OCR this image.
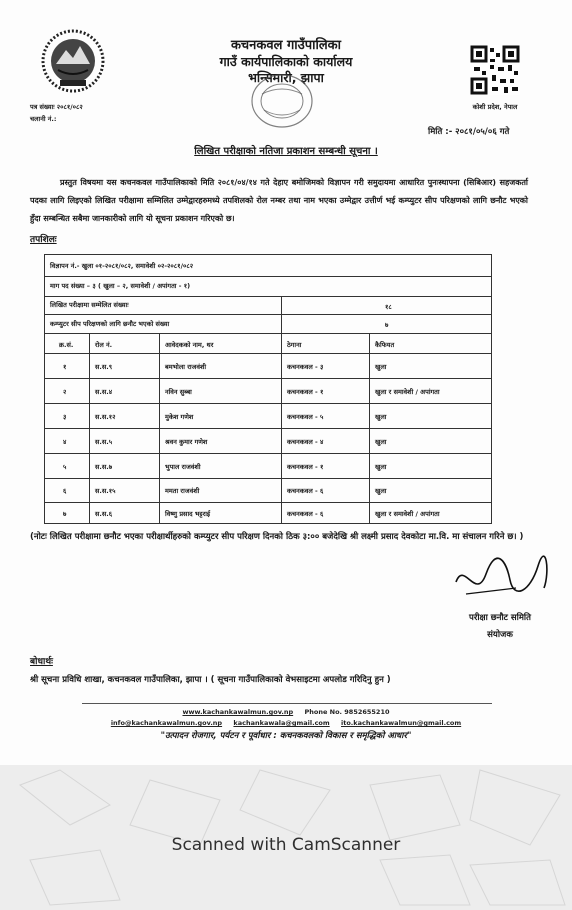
पत्र संख्याः २०८१/०८२
चलानी नं.:
कचनकवल गाउँपालिका
गाउँ कार्यपालिकाको कार्यालय
भन्सिमारी, झापा
कोशी प्रदेश, नेपाल
मिति :- २०८१/०५/०६ गते
लिखित परीक्षाको नतिजा प्रकाशन सम्बन्धी सूचना ।
प्रस्तुत विषयमा यस कचनकवल गाउँपालिकाको मिति २०८१/०४/१४ गते देहाए बमोजिमको विज्ञापन गरी समुदायमा आधारित पुनःस्थापना (सिबिआर) सहजकर्ता पदका लागि लिइएको लिखित परीक्षामा सम्मिलित उम्मेद्वारहरुमध्ये तपशिलको रोल नम्बर तथा नाम भएका उम्मेद्वार उत्तीर्ण भई कम्प्युटर सीप परिक्षणको लागि छनौट भएको हुँदा सम्बन्धित सबैमा जानकारीको लागि यो सूचना प्रकाशन गरिएको छ।
तपशिलः
विज्ञापन नं.- खुला ०१-२०८१/०८२, समावेशी ०२-२०८१/०८२
माग पद संख्या – ३ ( खुला – २, समावेशी / अपांगता - १)
लिखित परीक्षामा सम्मेलित संख्याः	१८
कम्प्युटर सीप परिक्षणको लागि छनौट भएको संख्या	७
क्र.सं.	रोल नं.	आवेदकको नाम, थर	ठेगाना	कैफियत
१	स.स.९	बमभोला राजवंशी	कचनकवल - ३	खुला
२	स.स.४	नविन सुब्बा	कचनकवल - १	खुला र समावेशी / अपांगता
३	स.स.१२	मुकेश गणेश	कचनकवल - ५	खुला
४	स.स.५	श्रवन कुमार गणेश	कचनकवल - ४	खुला
५	स.स.७	भुपाल राजवंशी	कचनकवल - १	खुला
६	स.स.१५	ममता राजवंशी	कचनकवल - ६	खुला
७	स.स.६	विष्णु प्रसाद भट्टराई	कचनकवल - ६	खुला र समावेशी / अपांगता
(नोटः लिखित परीक्षामा छनौट भएका परीक्षार्थीहरुको कम्प्युटर सीप परिक्षण दिनको ठिक ३:०० बजेदेखि श्री लक्ष्मी प्रसाद देवकोटा मा.वि. मा संचालन गरिने छ। )
परीक्षा छनौट समिति
संयोजक
बोधार्थः
श्री सूचना प्रविधि शाखा, कचनकवल गाउँपालिका, झापा । ( सूचना गाउँपालिकाको वेभसाइटमा अपलोड गरिदिनु हुन )
www.kachankawalmun.gov.np Phone No. 9852655210
info@kachankawalmun.gov.np kachankawala@gmail.com ito.kachankawalmun@gmail.com
"उत्पादन रोजगार, पर्यटन र पूर्वाधार : कचनकवलको विकास र समृद्धिको आधार"
Scanned with CamScanner
